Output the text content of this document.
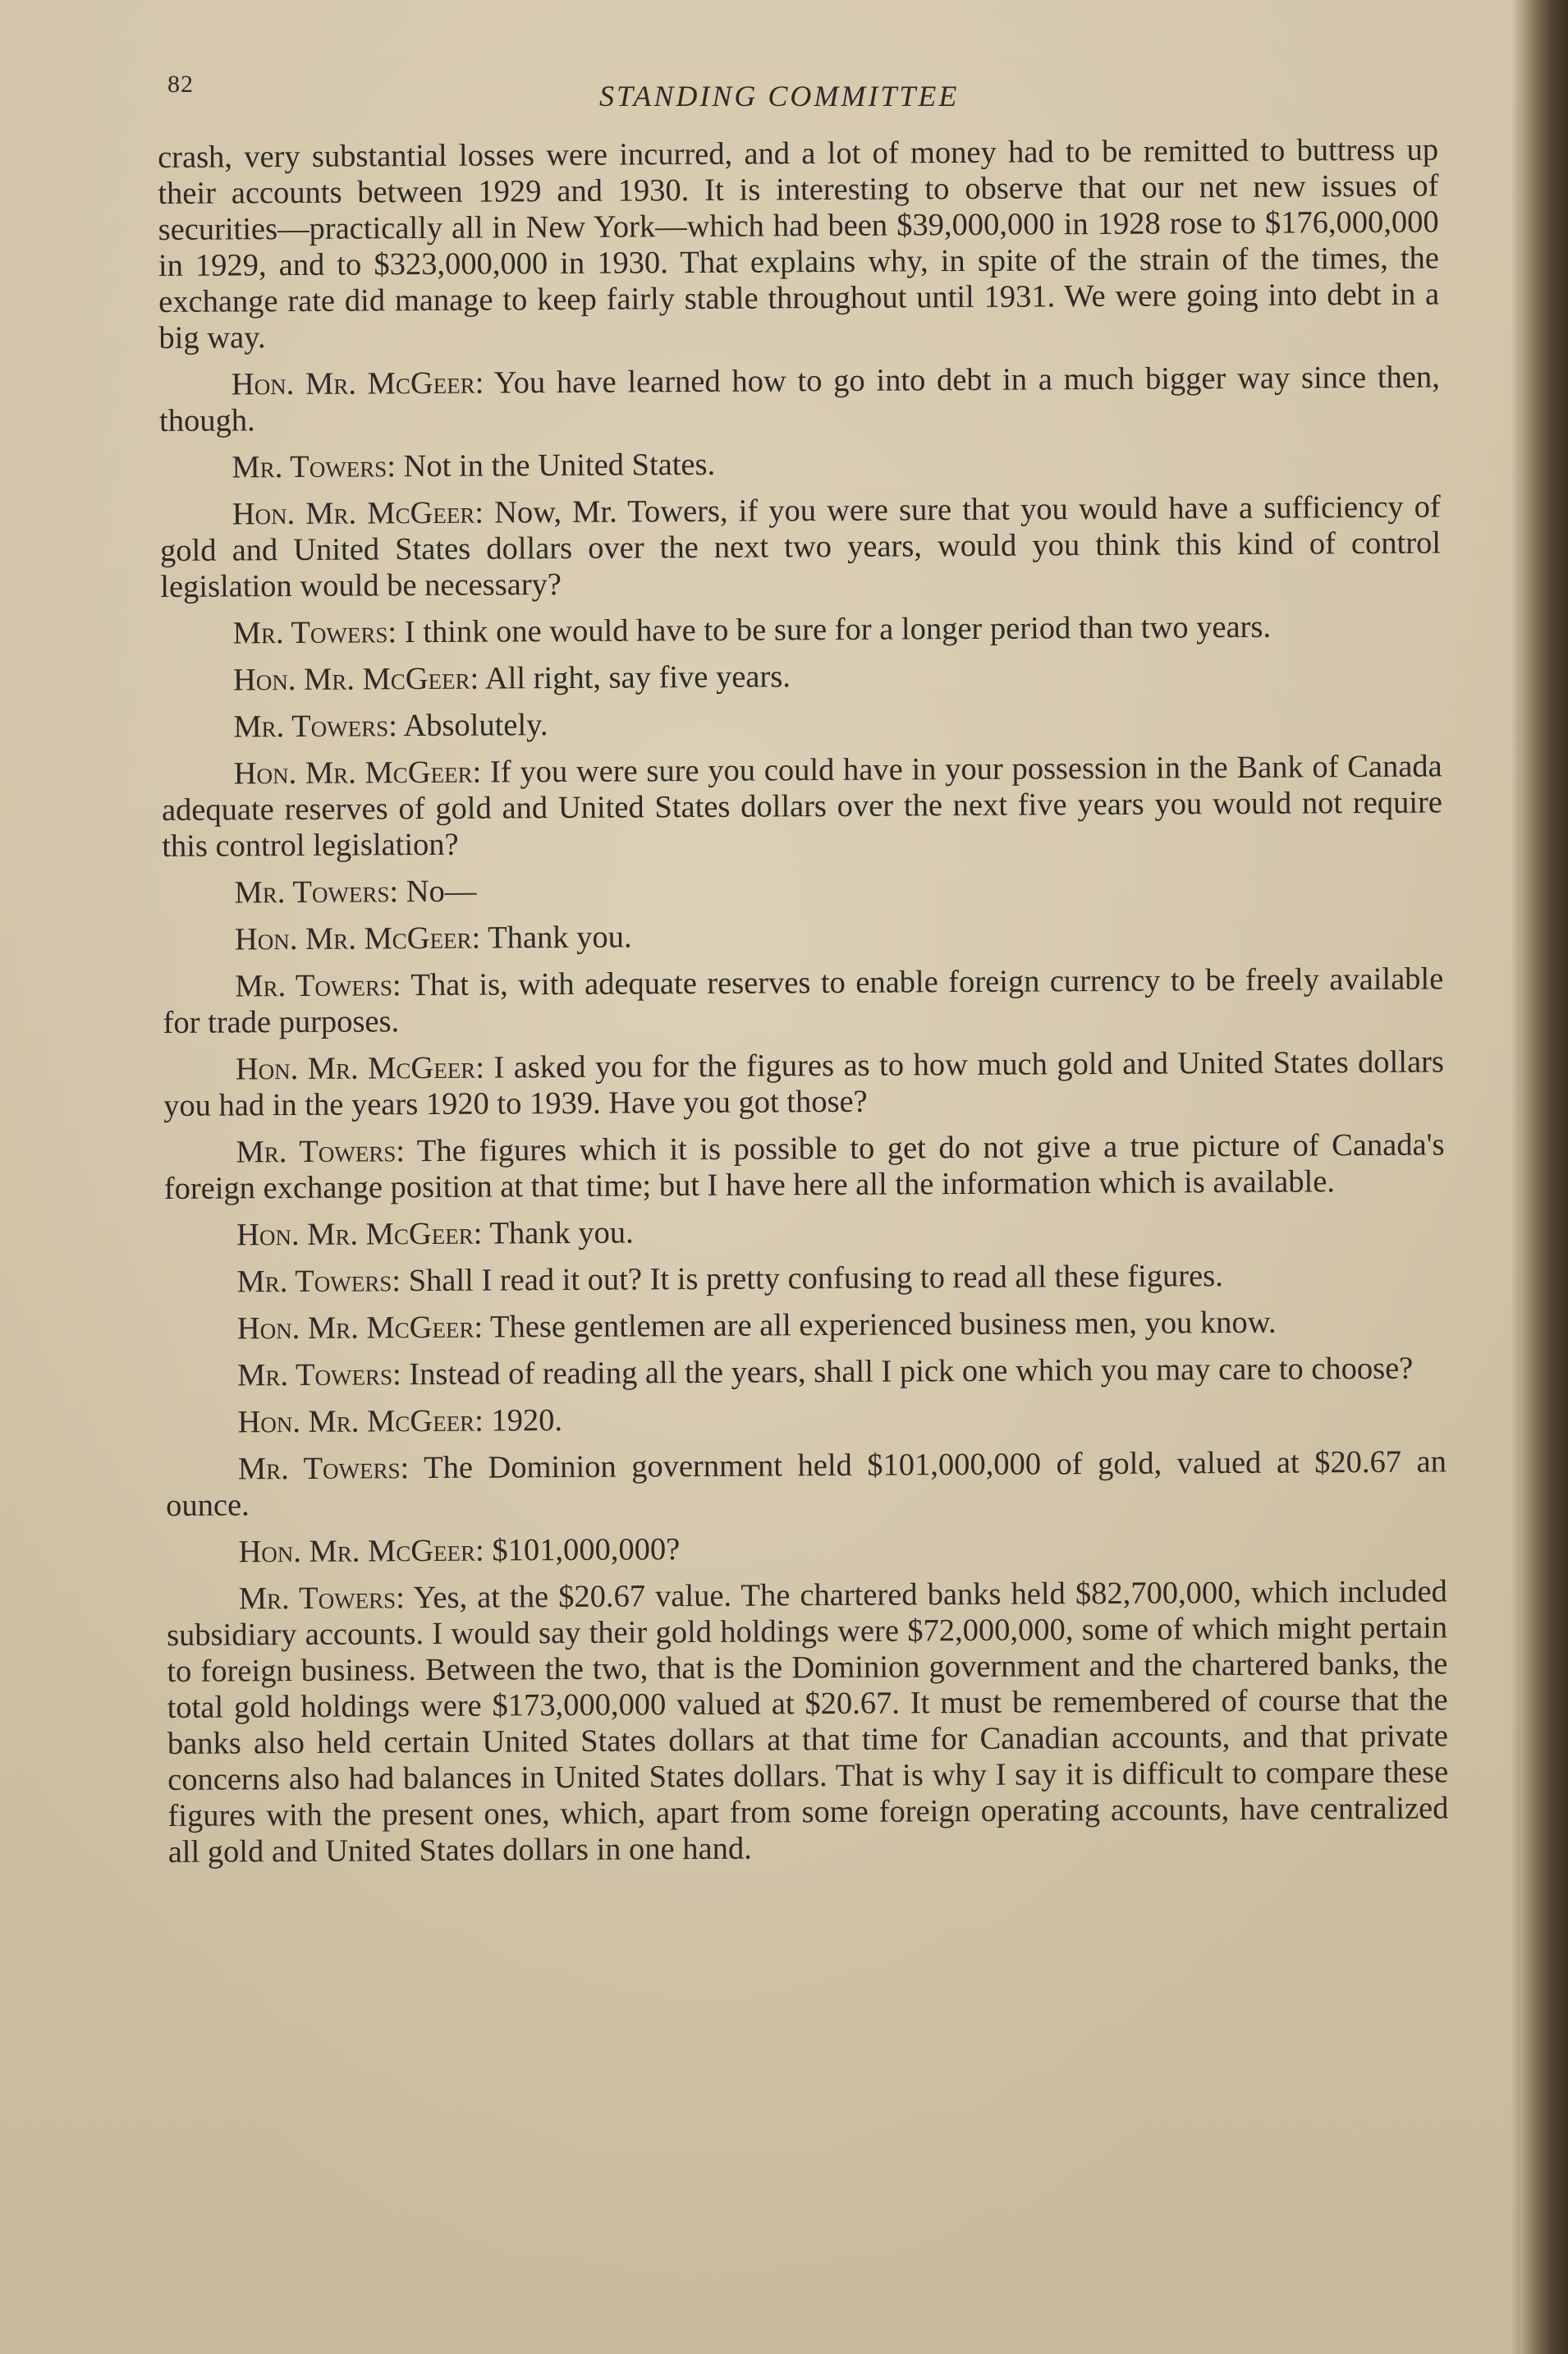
82	STANDING COMMITTEE

crash, very substantial losses were incurred, and a lot of money had to be remitted to buttress up their accounts between 1929 and 1930. It is interesting to observe that our net new issues of securities—practically all in New York—which had been $39,000,000 in 1928 rose to $176,000,000 in 1929, and to $323,000,000 in 1930. That explains why, in spite of the strain of the times, the exchange rate did manage to keep fairly stable throughout until 1931. We were going into debt in a big way.

Hon. Mr. McGeer: You have learned how to go into debt in a much bigger way since then, though.

Mr. Towers: Not in the United States.

Hon. Mr. McGeer: Now, Mr. Towers, if you were sure that you would have a sufficiency of gold and United States dollars over the next two years, would you think this kind of control legislation would be necessary?

Mr. Towers: I think one would have to be sure for a longer period than two years.

Hon. Mr. McGeer: All right, say five years.

Mr. Towers: Absolutely.

Hon. Mr. McGeer: If you were sure you could have in your possession in the Bank of Canada adequate reserves of gold and United States dollars over the next five years you would not require this control legislation?

Mr. Towers: No—

Hon. Mr. McGeer: Thank you.

Mr. Towers: That is, with adequate reserves to enable foreign currency to be freely available for trade purposes.

Hon. Mr. McGeer: I asked you for the figures as to how much gold and United States dollars you had in the years 1920 to 1939. Have you got those?

Mr. Towers: The figures which it is possible to get do not give a true picture of Canada's foreign exchange position at that time; but I have here all the information which is available.

Hon. Mr. McGeer: Thank you.

Mr. Towers: Shall I read it out? It is pretty confusing to read all these figures.

Hon. Mr. McGeer: These gentlemen are all experienced business men, you know.

Mr. Towers: Instead of reading all the years, shall I pick one which you may care to choose?

Hon. Mr. McGeer: 1920.

Mr. Towers: The Dominion government held $101,000,000 of gold, valued at $20.67 an ounce.

Hon. Mr. McGeer: $101,000,000?

Mr. Towers: Yes, at the $20.67 value. The chartered banks held $82,700,000, which included subsidiary accounts. I would say their gold holdings were $72,000,000, some of which might pertain to foreign business. Between the two, that is the Dominion government and the chartered banks, the total gold holdings were $173,000,000 valued at $20.67. It must be remembered of course that the banks also held certain United States dollars at that time for Canadian accounts, and that private concerns also had balances in United States dollars. That is why I say it is difficult to compare these figures with the present ones, which, apart from some foreign operating accounts, have centralized all gold and United States dollars in one hand.
